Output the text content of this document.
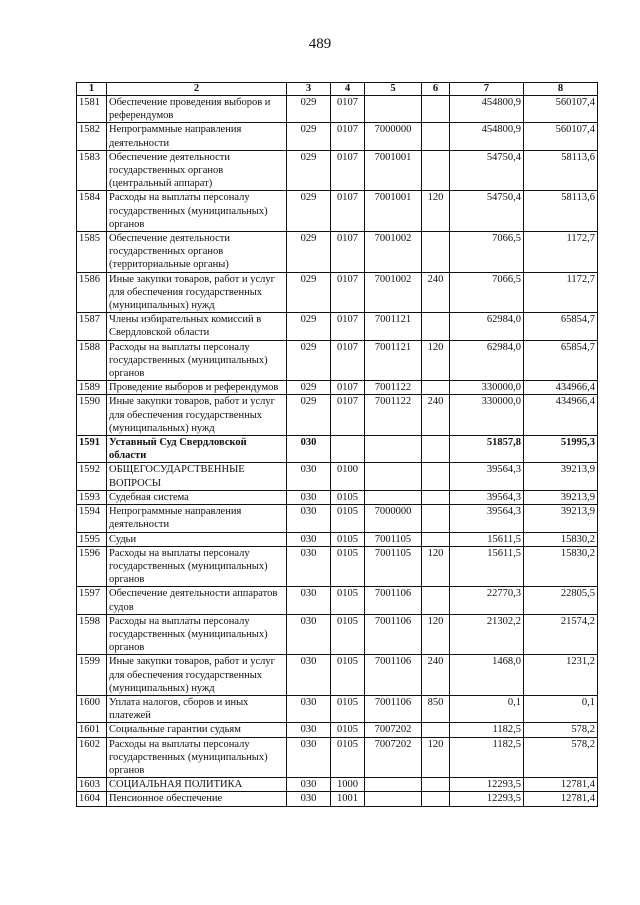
489
1	2	3	4	5	6	7	8
1581	Обеспечение проведения выборов и референдумов	029	0107			454800,9	560107,4
1582	Непрограммные направления деятельности	029	0107	7000000		454800,9	560107,4
1583	Обеспечение деятельности государственных органов (центральный аппарат)	029	0107	7001001		54750,4	58113,6
1584	Расходы на выплаты персоналу государственных (муниципальных) органов	029	0107	7001001	120	54750,4	58113,6
1585	Обеспечение деятельности государственных органов (территориальные органы)	029	0107	7001002		7066,5	1172,7
1586	Иные закупки товаров, работ и услуг для обеспечения государственных (муниципальных) нужд	029	0107	7001002	240	7066,5	1172,7
1587	Члены избирательных комиссий в Свердловской области	029	0107	7001121		62984,0	65854,7
1588	Расходы на выплаты персоналу государственных (муниципальных) органов	029	0107	7001121	120	62984,0	65854,7
1589	Проведение выборов и референдумов	029	0107	7001122		330000,0	434966,4
1590	Иные закупки товаров, работ и услуг для обеспечения государственных (муниципальных) нужд	029	0107	7001122	240	330000,0	434966,4
1591	Уставный Суд Свердловской области	030				51857,8	51995,3
1592	ОБЩЕГОСУДАРСТВЕННЫЕ ВОПРОСЫ	030	0100			39564,3	39213,9
1593	Судебная система	030	0105			39564,3	39213,9
1594	Непрограммные направления деятельности	030	0105	7000000		39564,3	39213,9
1595	Судьи	030	0105	7001105		15611,5	15830,2
1596	Расходы на выплаты персоналу государственных (муниципальных) органов	030	0105	7001105	120	15611,5	15830,2
1597	Обеспечение деятельности аппаратов судов	030	0105	7001106		22770,3	22805,5
1598	Расходы на выплаты персоналу государственных (муниципальных) органов	030	0105	7001106	120	21302,2	21574,2
1599	Иные закупки товаров, работ и услуг для обеспечения государственных (муниципальных) нужд	030	0105	7001106	240	1468,0	1231,2
1600	Уплата налогов, сборов и иных платежей	030	0105	7001106	850	0,1	0,1
1601	Социальные гарантии судьям	030	0105	7007202		1182,5	578,2
1602	Расходы на выплаты персоналу государственных (муниципальных) органов	030	0105	7007202	120	1182,5	578,2
1603	СОЦИАЛЬНАЯ ПОЛИТИКА	030	1000			12293,5	12781,4
1604	Пенсионное обеспечение	030	1001			12293,5	12781,4
